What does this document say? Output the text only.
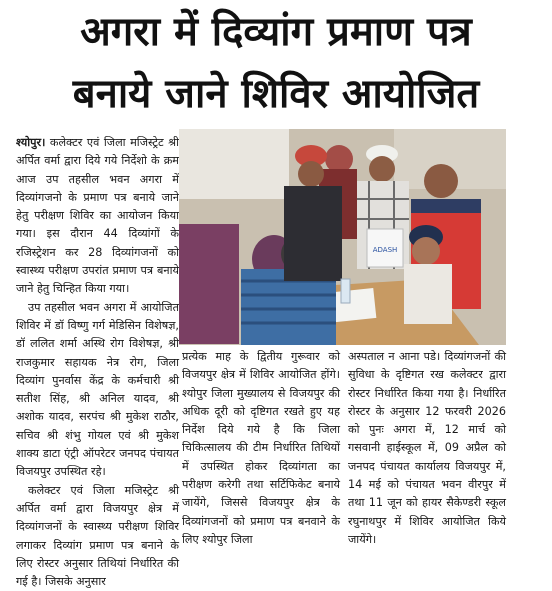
अगरा में दिव्यांग प्रमाण पत्र
बनाये जाने शिविर आयोजित

श्योपुर। कलेक्टर एवं जिला मजिस्ट्रेट श्री अर्पित वर्मा द्वारा दिये गये निर्देशो के क्रम आज उप तहसील भवन अगरा में दिव्यांगजनो के प्रमाण पत्र बनाये जाने हेतु परीक्षण शिविर का आयोजन किया गया। इस दौरान 44 दिव्यांगों के रजिस्ट्रेशन कर 28 दिव्यांगजनों को स्वास्थ्य परीक्षण उपरांत प्रमाण पत्र बनाये जाने हेतु चिन्हित किया गया।

उप तहसील भवन अगरा में आयोजित शिविर में डॉ विष्णु गर्ग मेडिसिन विशेषज्ञ, डॉ ललित शर्मा अस्थि रोग विशेषज्ञ, श्री राजकुमार सहायक नेत्र रोग, जिला दिव्यांग पुनर्वास केंद्र के कर्मचारी श्री सतीश सिंह, श्री अनिल यादव, श्री अशोक यादव, सरपंच श्री मुकेश राठौर, सचिव श्री शंभु गोयल एवं श्री मुकेश शाक्य डाटा एंट्री ऑपरेटर जनपद पंचायत विजयपुर उपस्थित रहे।

कलेक्टर एवं जिला मजिस्ट्रेट श्री अर्पित वर्मा द्वारा विजयपुर क्षेत्र में दिव्यांगजनों के स्वास्थ्य परीक्षण शिविर लगाकर दिव्यांग प्रमाण पत्र बनाने के लिए रोस्टर अनुसार तिथियां निर्धारित की गई है। जिसके अनुसार

ADASH

प्रत्येक माह के द्वितीय गुरूवार को विजयपुर क्षेत्र में शिविर आयोजित होंगे। श्योपुर जिला मुख्यालय से विजयपुर की अधिक दूरी को दृष्टिगत रखते हुए यह निर्देश दिये गये है कि जिला चिकित्सालय की टीम निर्धारित तिथियों में उपस्थित होकर दिव्यांगता का परीक्षण करेगी तथा सर्टिफिकेट बनाये जायेंगे, जिससे विजयपुर क्षेत्र के दिव्यांगजनों को प्रमाण पत्र बनवाने के लिए श्योपुर जिला

अस्पताल न आना पडे। दिव्यांगजनों की सुविधा के दृष्टिगत रख कलेक्टर द्वारा रोस्टर निर्धारित किया गया है। निर्धारित रोस्टर के अनुसार 12 फरवरी 2026 को पुनः अगरा में, 12 मार्च को गसवानी हाईस्कूल में, 09 अप्रैल को जनपद पंचायत कार्यालय विजयपुर में, 14 मई को पंचायत भवन वीरपुर में तथा 11 जून को हायर सैकेण्डरी स्कूल रघुनाथपुर में शिविर आयोजित किये जायेंगे।
